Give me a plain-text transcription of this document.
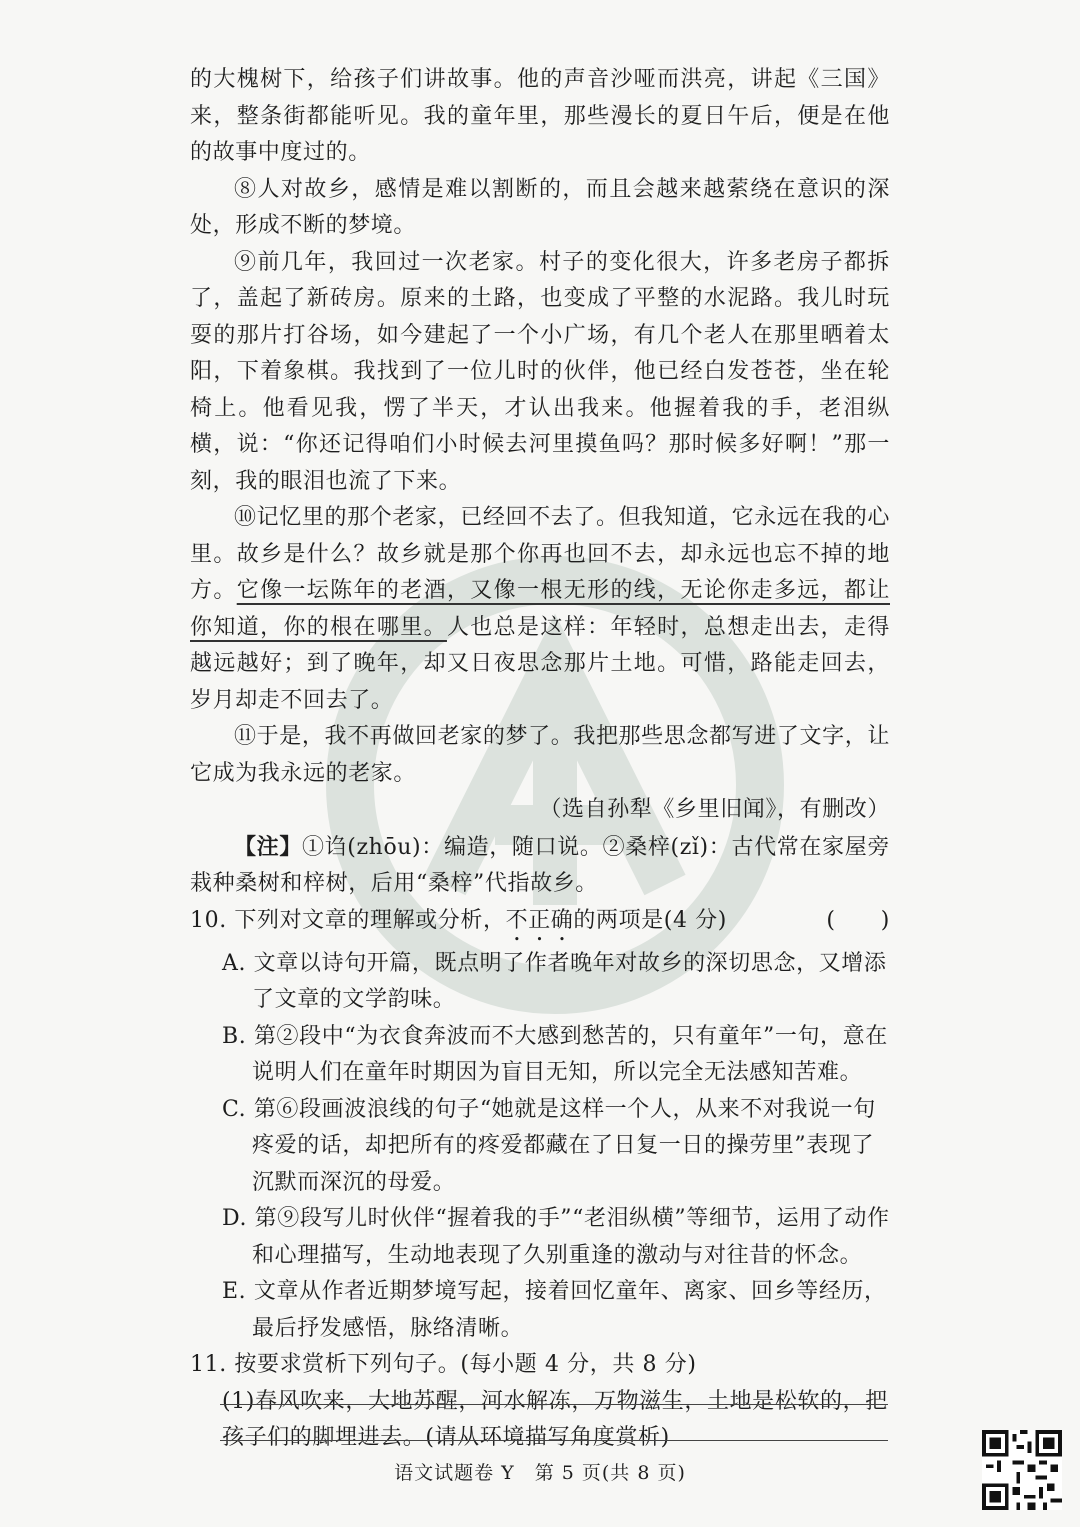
的大槐树下，给孩子们讲故事。他的声音沙哑而洪亮，讲起《三国》来，整条街都能听见。我的童年里，那些漫长的夏日午后，便是在他的故事中度过的。

⑧人对故乡，感情是难以割断的，而且会越来越萦绕在意识的深处，形成不断的梦境。

⑨前几年，我回过一次老家。村子的变化很大，许多老房子都拆了，盖起了新砖房。原来的土路，也变成了平整的水泥路。我儿时玩耍的那片打谷场，如今建起了一个小广场，有几个老人在那里晒着太阳，下着象棋。我找到了一位儿时的伙伴，他已经白发苍苍，坐在轮椅上。他看见我，愣了半天，才认出我来。他握着我的手，老泪纵横，说：“你还记得咱们小时候去河里摸鱼吗？那时候多好啊！”那一刻，我的眼泪也流了下来。

⑩记忆里的那个老家，已经回不去了。但我知道，它永远在我的心里。故乡是什么？故乡就是那个你再也回不去，却永远也忘不掉的地方。它像一坛陈年的老酒，又像一根无形的线，无论你走多远，都让你知道，你的根在哪里。人也总是这样：年轻时，总想走出去，走得越远越好；到了晚年，却又日夜思念那片土地。可惜，路能走回去，岁月却走不回去了。

⑪于是，我不再做回老家的梦了。我把那些思念都写进了文字，让它成为我永远的老家。

（选自孙犁《乡里旧闻》，有删改）

【注】①诌(zhōu)：编造，随口说。②桑梓(zǐ)：古代常在家屋旁栽种桑树和梓树，后用“桑梓”代指故乡。

10. 下列对文章的理解或分析，不正确的两项是(4 分)	(　　)

A. 文章以诗句开篇，既点明了作者晚年对故乡的深切思念，又增添了文章的文学韵味。

B. 第②段中“为衣食奔波而不大感到愁苦的，只有童年”一句，意在说明人们在童年时期因为盲目无知，所以完全无法感知苦难。

C. 第⑥段画波浪线的句子“她就是这样一个人，从来不对我说一句疼爱的话，却把所有的疼爱都藏在了日复一日的操劳里”表现了沉默而深沉的母爱。

D. 第⑨段写儿时伙伴“握着我的手”“老泪纵横”等细节，运用了动作和心理描写，生动地表现了久别重逢的激动与对往昔的怀念。

E. 文章从作者近期梦境写起，接着回忆童年、离家、回乡等经历，最后抒发感悟，脉络清晰。

11. 按要求赏析下列句子。(每小题 4 分，共 8 分)

(1)春风吹来，大地苏醒，河水解冻，万物滋生，土地是松软的，把孩子们的脚埋进去。(请从环境描写角度赏析)

语文试题卷 Y　第 5 页(共 8 页)
